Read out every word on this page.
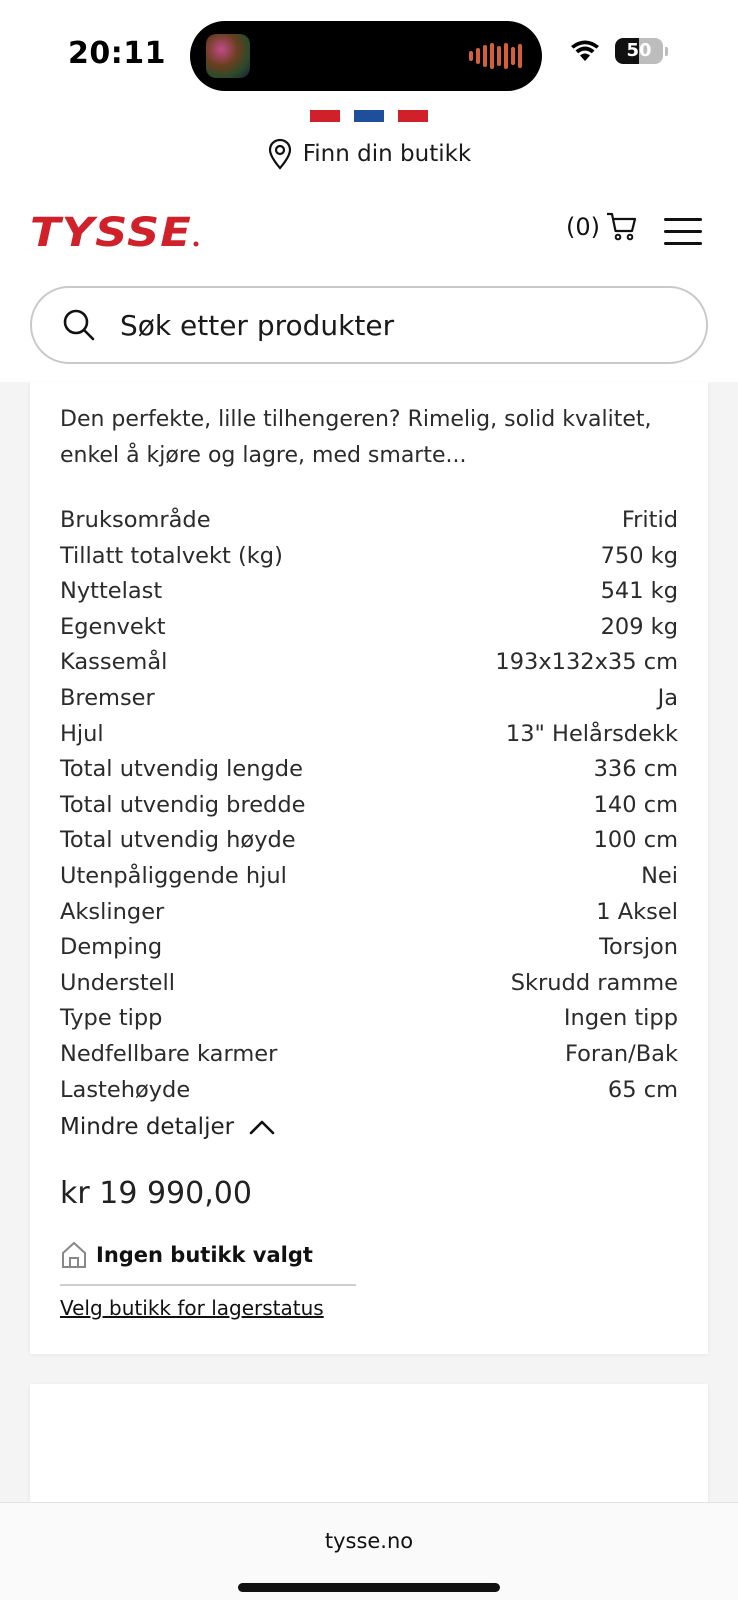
20:11	50
Finn din butikk
TYSSE	(0)
Søk etter produkter
Den perfekte, lille tilhengeren? Rimelig, solid kvalitet, enkel å kjøre og lagre, med smarte...
Bruksområde	Fritid
Tillatt totalvekt (kg)	750 kg
Nyttelast	541 kg
Egenvekt	209 kg
Kassemål	193x132x35 cm
Bremser	Ja
Hjul	13" Helårsdekk
Total utvendig lengde	336 cm
Total utvendig bredde	140 cm
Total utvendig høyde	100 cm
Utenpåliggende hjul	Nei
Akslinger	1 Aksel
Demping	Torsjon
Understell	Skrudd ramme
Type tipp	Ingen tipp
Nedfellbare karmer	Foran/Bak
Lastehøyde	65 cm
Mindre detaljer
kr 19 990,00
Ingen butikk valgt
Velg butikk for lagerstatus
tysse.no
